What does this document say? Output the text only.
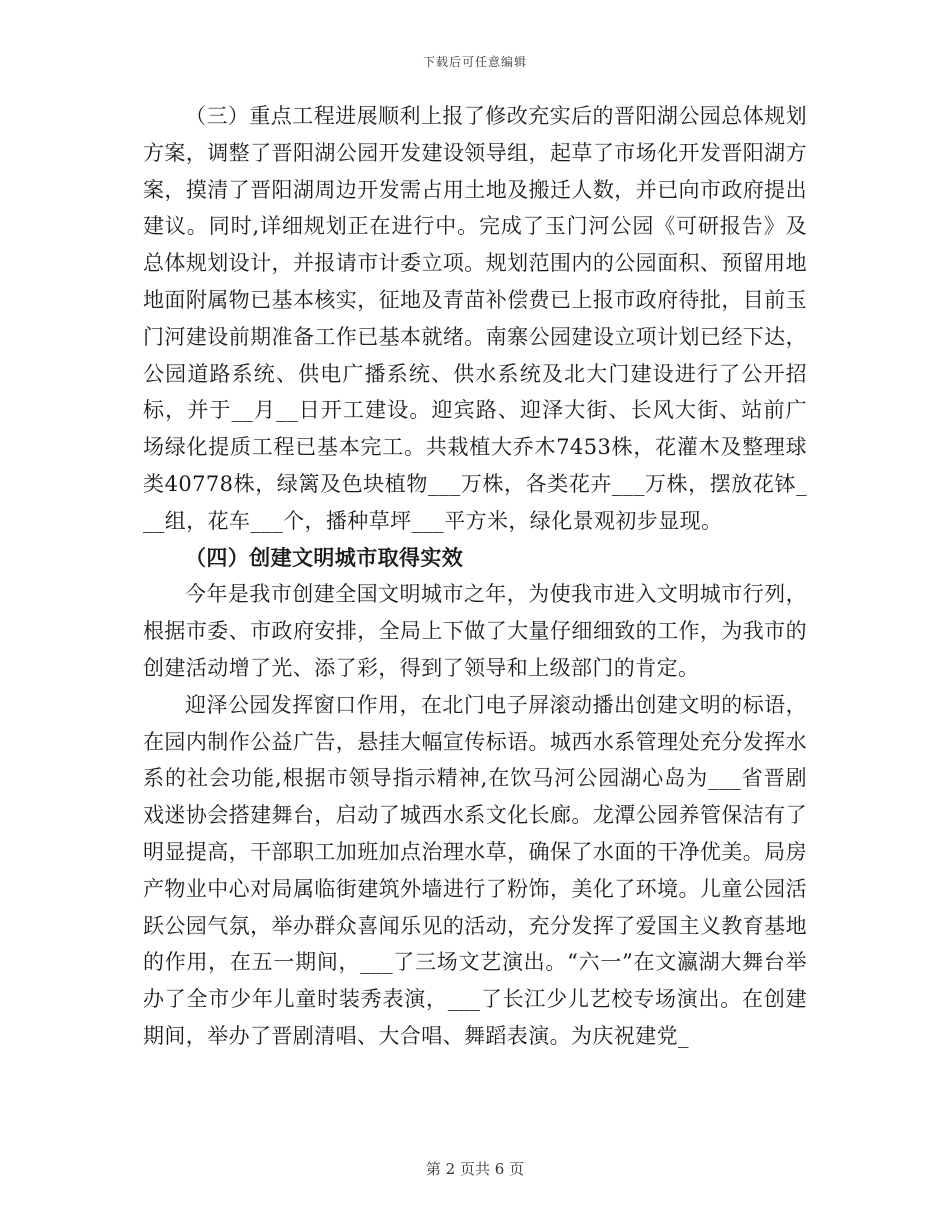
下载后可任意编辑

（三）重点工程进展顺利上报了修改充实后的晋阳湖公园总体规划方案，调整了晋阳湖公园开发建设领导组，起草了市场化开发晋阳湖方案，摸清了晋阳湖周边开发需占用土地及搬迁人数，并已向市政府提出建议。同时,详细规划正在进行中。完成了玉门河公园《可研报告》及总体规划设计，并报请市计委立项。规划范围内的公园面积、预留用地地面附属物已基本核实，征地及青苗补偿费已上报市政府待批，目前玉门河建设前期准备工作已基本就绪。南寨公园建设立项计划已经下达，公园道路系统、供电广播系统、供水系统及北大门建设进行了公开招标，并于__月__日开工建设。迎宾路、迎泽大街、长风大街、站前广场绿化提质工程已基本完工。共栽植大乔木7453株，花灌木及整理球类40778株，绿篱及色块植物___万株，各类花卉___万株，摆放花钵___组，花车___个，播种草坪___平方米，绿化景观初步显现。

（四）创建文明城市取得实效

今年是我市创建全国文明城市之年，为使我市进入文明城市行列，根据市委、市政府安排，全局上下做了大量仔细细致的工作，为我市的创建活动增了光、添了彩，得到了领导和上级部门的肯定。

迎泽公园发挥窗口作用，在北门电子屏滚动播出创建文明的标语，在园内制作公益广告，悬挂大幅宣传标语。城西水系管理处充分发挥水系的社会功能,根据市领导指示精神,在饮马河公园湖心岛为___省晋剧戏迷协会搭建舞台，启动了城西水系文化长廊。龙潭公园养管保洁有了明显提高，干部职工加班加点治理水草，确保了水面的干净优美。局房产物业中心对局属临街建筑外墙进行了粉饰，美化了环境。儿童公园活跃公园气氛，举办群众喜闻乐见的活动，充分发挥了爱国主义教育基地的作用，在五一期间，___了三场文艺演出。“六一”在文瀛湖大舞台举办了全市少年儿童时装秀表演，___了长江少儿艺校专场演出。在创建期间，举办了晋剧清唱、大合唱、舞蹈表演。为庆祝建党_

第 2 页共 6 页
